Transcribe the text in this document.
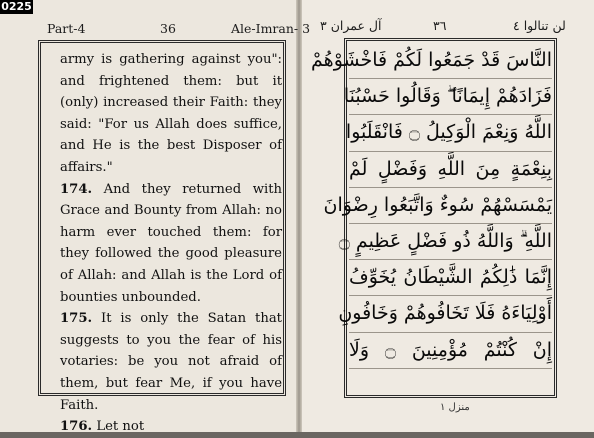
0225
Part-4	36	Ale-Imran- 3

army is gathering against you": and frightened them: but it (only) increased their Faith: they said: "For us Allah does suffice, and He is the best Disposer of affairs."

174. And they returned with Grace and Bounty from Allah: no harm ever touched them: for they followed the good pleasure of Allah: and Allah is the Lord of bounties unbounded.

175. It is only the Satan that suggests to you the fear of his votaries: be you not afraid of them, but fear Me, if you have Faith.

176. Let not

لن تنالوا ٤
٣٦
آل عمران ٣
النَّاسَ قَدْ جَمَعُوا لَكُمْ فَاخْشَوْهُمْ
فَزَادَهُمْ إِيمَانًا ۖ وَقَالُوا حَسْبُنَا
اللَّهُ وَنِعْمَ الْوَكِيلُ ۝ فَانْقَلَبُوا
بِنِعْمَةٍ مِنَ اللَّهِ وَفَضْلٍ لَمْ
يَمْسَسْهُمْ سُوءٌ وَاتَّبَعُوا رِضْوَانَ
اللَّهِ ۗ وَاللَّهُ ذُو فَضْلٍ عَظِيمٍ ۝
إِنَّمَا ذَٰلِكُمُ الشَّيْطَانُ يُخَوِّفُ
أَوْلِيَاءَهُ فَلَا تَخَافُوهُمْ وَخَافُونِ
إِنْ كُنْتُمْ مُؤْمِنِينَ ۝ وَلَا
منزل ١
